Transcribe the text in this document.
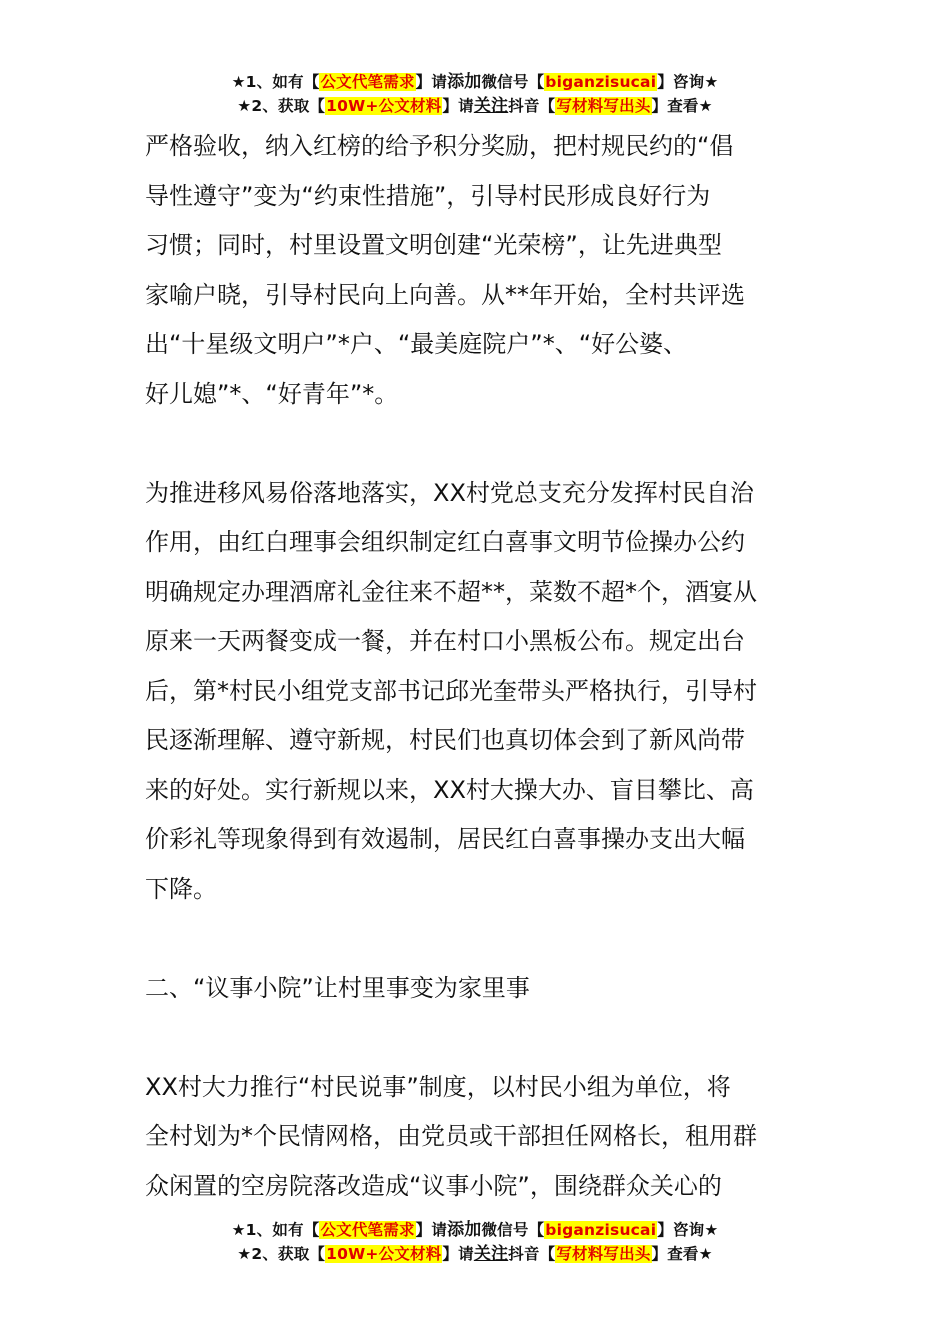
★1、如有【公文代笔需求】请添加微信号【biganzisucai】咨询★
★2、获取【10W+公文材料】请关注抖音【写材料写出头】查看★

严格验收，纳入红榜的给予积分奖励，把村规民约的“倡

导性遵守”变为“约束性措施”，引导村民形成良好行为

习惯；同时，村里设置文明创建“光荣榜”，让先进典型

家喻户晓，引导村民向上向善。从**年开始，全村共评选

出“十星级文明户”*户、“最美庭院户”*、“好公婆、

好儿媳”*、“好青年”*。

为推进移风易俗落地落实，XX村党总支充分发挥村民自治

作用，由红白理事会组织制定红白喜事文明节俭操办公约

明确规定办理酒席礼金往来不超**，菜数不超*个，酒宴从

原来一天两餐变成一餐，并在村口小黑板公布。规定出台

后，第*村民小组党支部书记邱光奎带头严格执行，引导村

民逐渐理解、遵守新规，村民们也真切体会到了新风尚带

来的好处。实行新规以来，XX村大操大办、盲目攀比、高

价彩礼等现象得到有效遏制，居民红白喜事操办支出大幅

下降。

二、“议事小院”让村里事变为家里事

XX村大力推行“村民说事”制度，以村民小组为单位，将

全村划为*个民情网格，由党员或干部担任网格长，租用群

众闲置的空房院落改造成“议事小院”，围绕群众关心的

★1、如有【公文代笔需求】请添加微信号【biganzisucai】咨询★
★2、获取【10W+公文材料】请关注抖音【写材料写出头】查看★
